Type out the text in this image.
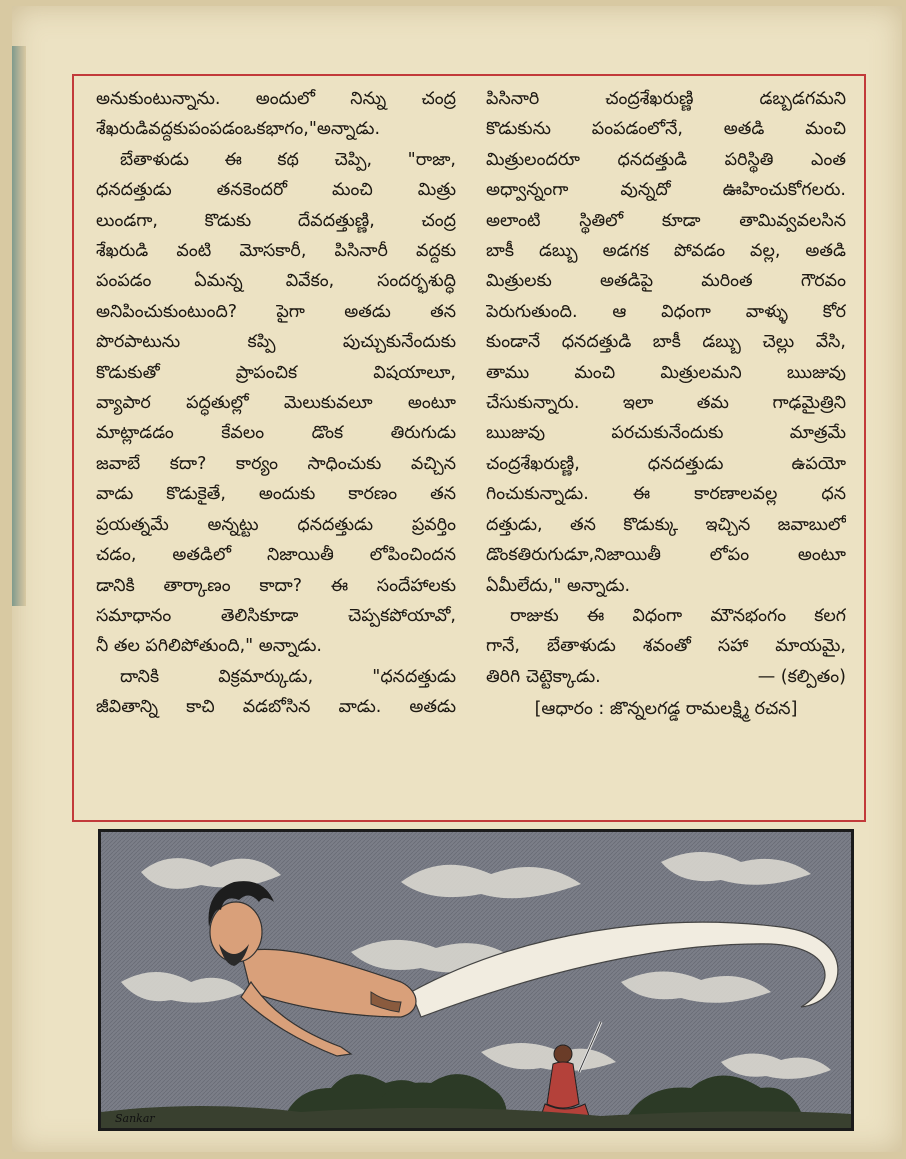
అనుకుంటున్నాను. అందులో నిన్ను చంద్ర
శేఖరుడివద్దకుపంపడంఒకభాగం,"అన్నాడు.
బేతాళుడు ఈ కథ చెప్పి, "రాజా,
ధనదత్తుడు తనకెందరో మంచి మిత్రు
లుండగా, కొడుకు దేవదత్తుణ్ణి, చంద్ర
శేఖరుడి వంటి మోసకారీ, పిసినారీ వద్దకు
పంపడం ఏమన్న వివేకం, సందర్భశుద్ధి
అనిపించుకుంటుంది? పైగా అతడు తన
పొరపాటును కప్పి పుచ్చుకునేందుకు
కొడుకుతో ప్రాపంచిక విషయాలూ,
వ్యాపార పద్ధతుల్లో మెలుకువలూ అంటూ
మాట్లాడడం కేవలం డొంక తిరుగుడు
జవాబే కదా? కార్యం సాధించుకు వచ్చిన
వాడు కొడుకైతే, అందుకు కారణం తన
ప్రయత్నమే అన్నట్టు ధనదత్తుడు ప్రవర్తిం
చడం, అతడిలో నిజాయితీ లోపించిందన
డానికి తార్కాణం కాదా? ఈ సందేహాలకు
సమాధానం తెలిసికూడా చెప్పకపోయావో,
నీ తల పగిలిపోతుంది," అన్నాడు.
దానికి విక్రమార్కుడు, "ధనదత్తుడు
జీవితాన్ని కాచి వడబోసిన వాడు. అతడు
పిసినారి చంద్రశేఖరుణ్ణి డబ్బడగమని
కొడుకును పంపడంలోనే, అతడి మంచి
మిత్రులందరూ ధనదత్తుడి పరిస్థితి ఎంత
అధ్వాన్నంగా వున్నదో ఊహించుకోగలరు.
అలాంటి స్థితిలో కూడా తామివ్వవలసిన
బాకీ డబ్బు అడగక పోవడం వల్ల, అతడి
మిత్రులకు అతడిపై మరింత గౌరవం
పెరుగుతుంది. ఆ విధంగా వాళ్ళు కోర
కుండానే ధనదత్తుడి బాకీ డబ్బు చెల్లు వేసి,
తాము మంచి మిత్రులమని ఋజువు
చేసుకున్నారు. ఇలా తమ గాఢమైత్రిని
ఋజువు పరచుకునేందుకు మాత్రమే
చంద్రశేఖరుణ్ణి, ధనదత్తుడు ఉపయో
గించుకున్నాడు. ఈ కారణాలవల్ల ధన
దత్తుడు, తన కొడుక్కు ఇచ్చిన జవాబులో
డొంకతిరుగుడూ,నిజాయితీ లోపం అంటూ
ఏమీలేదు," అన్నాడు.
రాజుకు ఈ విధంగా మౌనభంగం కలగ
గానే, బేతాళుడు శవంతో సహా మాయమై,
తిరిగి చెట్టెక్కాడు.	— (కల్పితం)
[ఆధారం : జొన్నలగడ్డ రామలక్ష్మి రచన]
Sankar
